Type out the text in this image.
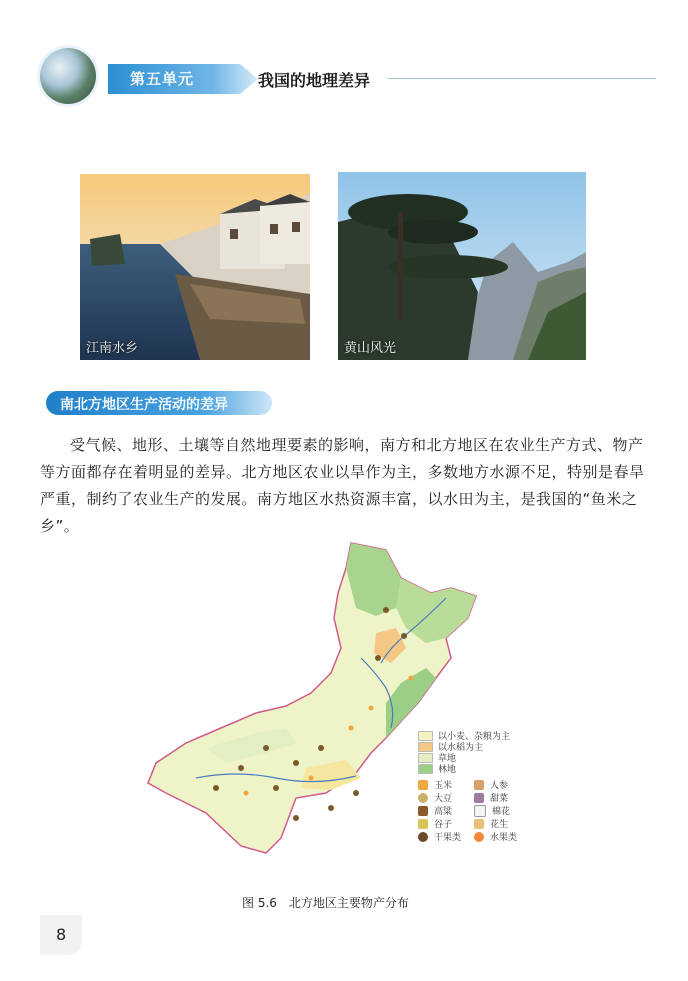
第五单元	我国的地理差异
江南水乡	黄山风光
南北方地区生产活动的差异

受气候、地形、土壤等自然地理要素的影响，南方和北方地区在农业生产方式、物产等方面都存在着明显的差异。北方地区农业以旱作为主，多数地方水源不足，特别是春旱严重，制约了农业生产的发展。南方地区水热资源丰富，以水田为主，是我国的“鱼米之乡”。

以小麦、杂粮为主
以水稻为主
草地
林地
玉米
大豆
高粱
谷子
干果类
人参
甜菜
棉花
花生
水果类
图 5.6　北方地区主要物产分布
8
